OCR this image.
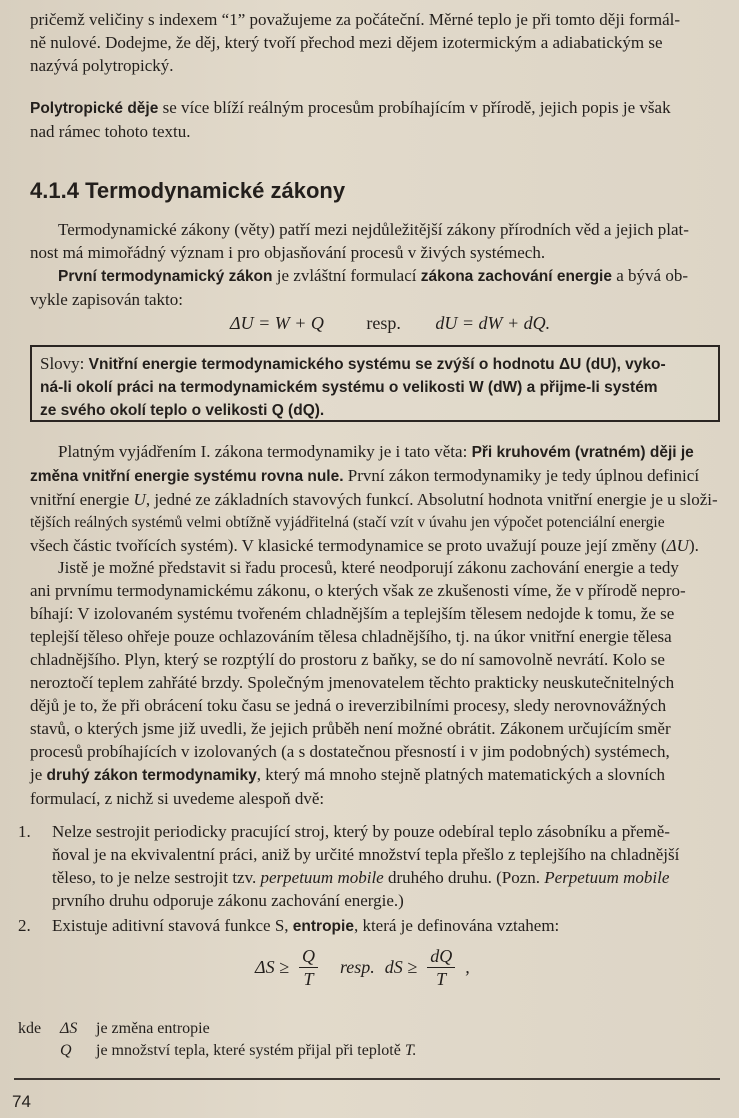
pričemž veličiny s indexem “1” považujeme za počáteční. Měrné teplo je při tomto ději formál-
ně nulové. Dodejme, že děj, který tvoří přechod mezi dějem izotermickým a adiabatickým se
nazývá polytropický.

Polytropické děje se více blíží reálným procesům probíhajícím v přírodě, jejich popis je však
nad rámec tohoto textu.

4.1.4 Termodynamické zákony

Termodynamické zákony (věty) patří mezi nejdůležitější zákony přírodních věd a jejich plat-
nost má mimořádný význam i pro objasňování procesů v živých systémech.
První termodynamický zákon je zvláštní formulací zákona zachování energie a bývá ob-
vykle zapisován takto:

ΔU = W + Q resp. dU = dW + dQ.
Slovy: Vnitřní energie termodynamického systému se zvýší o hodnotu ΔU (dU), vyko-
ná-li okolí práci na termodynamickém systému o velikosti W (dW) a přijme-li systém
ze svého okolí teplo o velikosti Q (dQ).

Platným vyjádřením I. zákona termodynamiky je i tato věta: Při kruhovém (vratném) ději je
změna vnitřní energie systému rovna nule. První zákon termodynamiky je tedy úplnou definicí
vnitřní energie U, jedné ze základních stavových funkcí. Absolutní hodnota vnitřní energie je u složi-
tějších reálných systémů velmi obtížně vyjádřitelná (stačí vzít v úvahu jen výpočet potenciální energie
všech částic tvořících systém). V klasické termodynamice se proto uvažují pouze její změny (ΔU).

Jistě je možné představit si řadu procesů, které neodporují zákonu zachování energie a tedy
ani prvnímu termodynamickému zákonu, o kterých však ze zkušenosti víme, že v přírodě nepro-
bíhají: V izolovaném systému tvořeném chladnějším a teplejším tělesem nedojde k tomu, že se
teplejší těleso ohřeje pouze ochlazováním tělesa chladnějšího, tj. na úkor vnitřní energie tělesa
chladnějšího. Plyn, který se rozptýlí do prostoru z baňky, se do ní samovolně nevrátí. Kolo se
neroztočí teplem zahřáté brzdy. Společným jmenovatelem těchto prakticky neuskutečnitelných
dějů je to, že při obrácení toku času se jedná o ireverzibilními procesy, sledy nerovnovážných
stavů, o kterých jsme již uvedli, že jejich průběh není možné obrátit. Zákonem určujícím směr
procesů probíhajících v izolovaných (a s dostatečnou přesností i v jim podobných) systémech,
je druhý zákon termodynamiky, který má mnoho stejně platných matematických a slovních
formulací, z nichž si uvedeme alespoň dvě:

1.	Nelze sestrojit periodicky pracující stroj, který by pouze odebíral teplo zásobníku a přemě-
ňoval je na ekvivalentní práci, aniž by určité množství tepla přešlo z teplejšího na chladnější
těleso, to je nelze sestrojit tzv. perpetuum mobile druhého druhu. (Pozn. Perpetuum mobile
prvního druhu odporuje zákonu zachování energie.)
2.	Existuje aditivní stavová funkce S, entropie, která je definována vztahem:
$\Delta S \ge \frac{Q}{T}$ resp. dS ≥ $\frac{dQ}{T}$ ,
kde	ΔS	je změna entropie
Q	je množství tepla, které systém přijal při teplotě T.
74
